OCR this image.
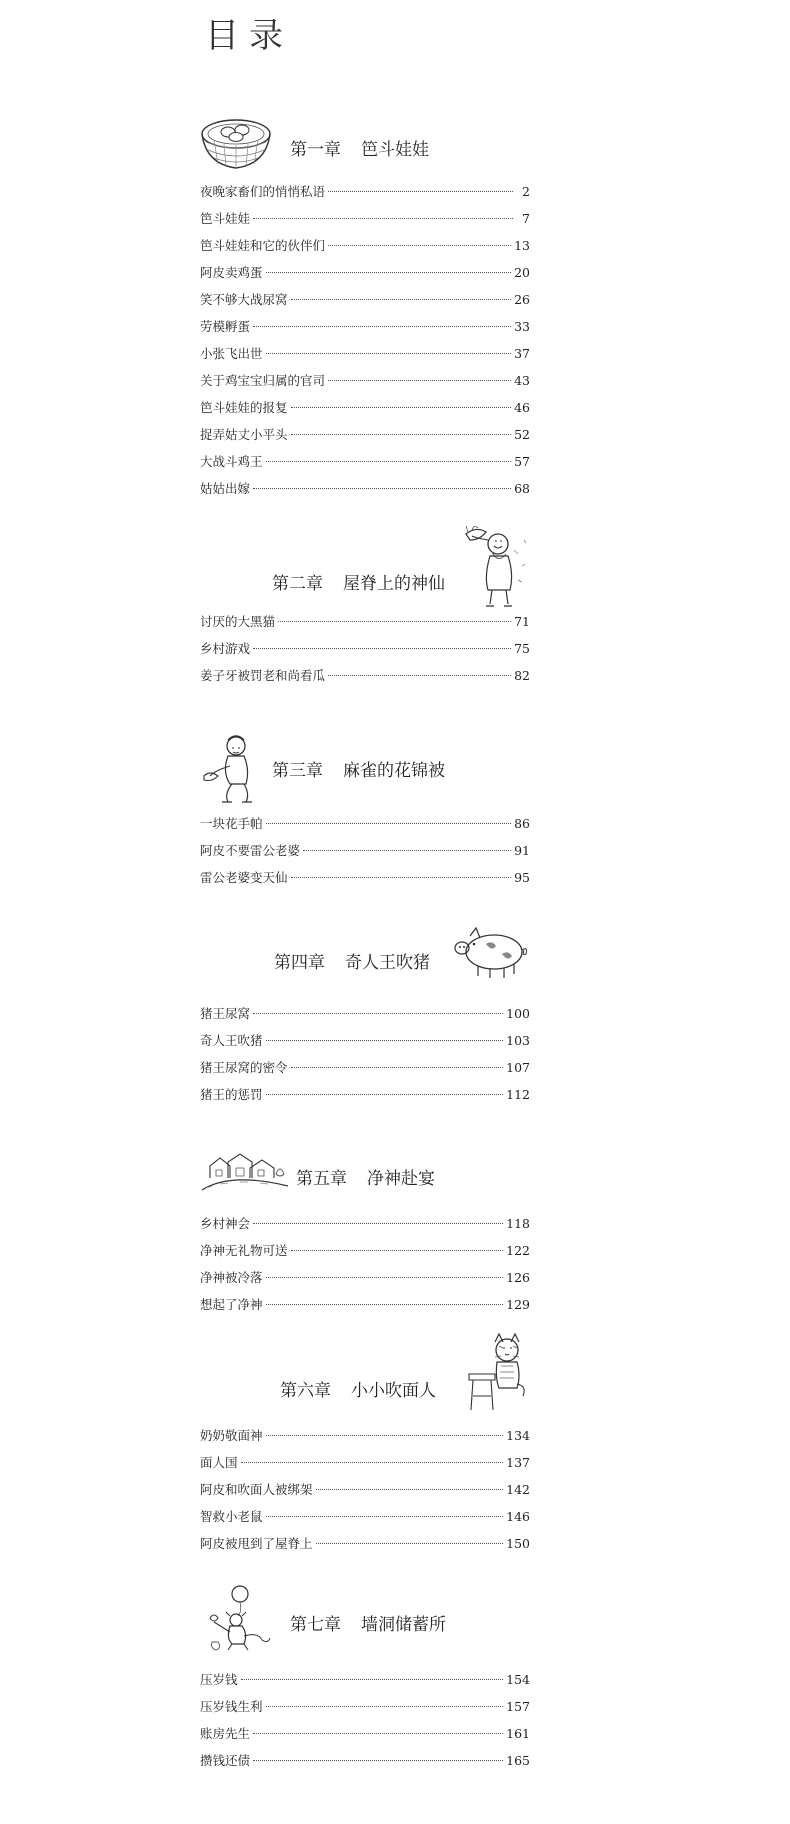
目录
第一章 笆斗娃娃
夜晚家畜们的悄悄私语	2
笆斗娃娃	7
笆斗娃娃和它的伙伴们	13
阿皮卖鸡蛋	20
笑不够大战尿窝	26
劳模孵蛋	33
小张飞出世	37
关于鸡宝宝归属的官司	43
笆斗娃娃的报复	46
捉弄姑丈小平头	52
大战斗鸡王	57
姑姑出嫁	68
第二章 屋脊上的神仙
讨厌的大黑猫	71
乡村游戏	75
姜子牙被罚老和尚看瓜	82
第三章 麻雀的花锦被
一块花手帕	86
阿皮不要雷公老婆	91
雷公老婆变天仙	95
第四章 奇人王吹猪
猪王尿窝	100
奇人王吹猪	103
猪王尿窝的密令	107
猪王的惩罚	112
第五章 净神赴宴
乡村神会	118
净神无礼物可送	122
净神被冷落	126
想起了净神	129
第六章 小小吹面人
奶奶敬面神	134
面人国	137
阿皮和吹面人被绑架	142
智救小老鼠	146
阿皮被甩到了屋脊上	150
第七章 墙洞储蓄所
压岁钱	154
压岁钱生利	157
账房先生	161
攒钱还债	165
